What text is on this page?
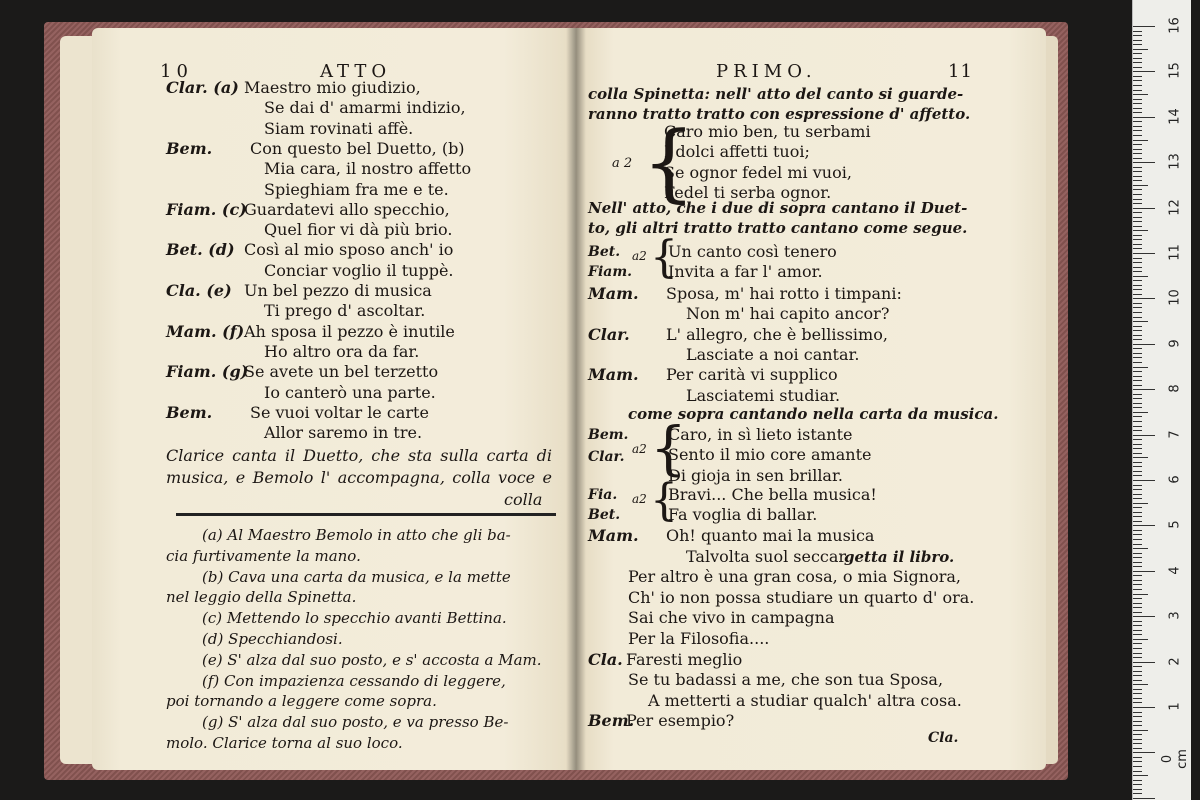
10	ATTO
Clar. (a) Maestro mio giudizio,
Se dai d' amarmi indizio,
Siam rovinati affè.
Bem. Con questo bel Duetto, (b)
Mia cara, il nostro affetto
Spieghiam fra me e te.
Fiam. (c)
Guardatevi allo specchio,
Quel fior vi dà più brio.
Bet. (d) Così al mio sposo anch' io
Conciar voglio il tuppè.
Cla. (e) Un bel pezzo di musica
Ti prego d' ascoltar.
Mam. (f) Ah sposa il pezzo è inutile
Ho altro ora da far.
Fiam. (g)
Se avete un bel terzetto
Io canterò una parte.
Bem. Se vuoi voltar le carte
Allor saremo in tre.
Clarice canta il Duetto, che sta sulla carta di
musica, e Bemolo l' accompagna, colla voce e
colla
(a) Al Maestro Bemolo in atto che gli ba-
cia furtivamente la mano.
(b) Cava una carta da musica, e la mette
nel leggio della Spinetta.
(c) Mettendo lo specchio avanti Bettina.
(d) Specchiandosi.
(e) S' alza dal suo posto, e s' accosta a Mam.
(f) Con impazienza cessando di leggere,
poi tornando a leggere come sopra.
(g) S' alza dal suo posto, e va presso Be-
molo. Clarice torna al suo loco.
PRIMO.	11
colla Spinetta: nell' atto del canto si guarde-
ranno tratto tratto con espressione d' affetto.
a 2 {
Caro mio ben, tu serbami
I dolci affetti tuoi;
Se ognor fedel mi vuoi,
Fedel ti serba ognor.
Nell' atto, che i due di sopra cantano il Duet-
to, gli altri tratto tratto cantano come segue.
Bet.
Fiam.
a2 {
Un canto così tenero
Invita a far l' amor.
Mam. Sposa, m' hai rotto i timpani:
Non m' hai capito ancor?
Clar. L' allegro, che è bellissimo,
Lasciate a noi cantar.
Mam. Per carità vi supplico
Lasciatemi studiar.
come sopra cantando nella carta da musica.
Bem.
Clar. a2 {
Caro, in sì lieto istante
Sento il mio core amante
Di gioja in sen brillar.
Fia.
Bet.
a2 {
Bravi... Che bella musica!
Fa voglia di ballar.
Mam. Oh! quanto mai la musica
Talvolta suol seccar.
getta il libro.
Per altro è una gran cosa, o mia Signora,
Ch' io non possa studiare un quarto d' ora.
Sai che vivo in campagna
Per la Filosofia....
Cla. Faresti meglio
Se tu badassi a me, che son tua Sposa,
A metterti a studiar qualch' altra cosa.
Bem.
Per esempio?
Cla.
16
15
14
13
12
11
10
9
8
7
6
5
4
3
2
1
0 cm
